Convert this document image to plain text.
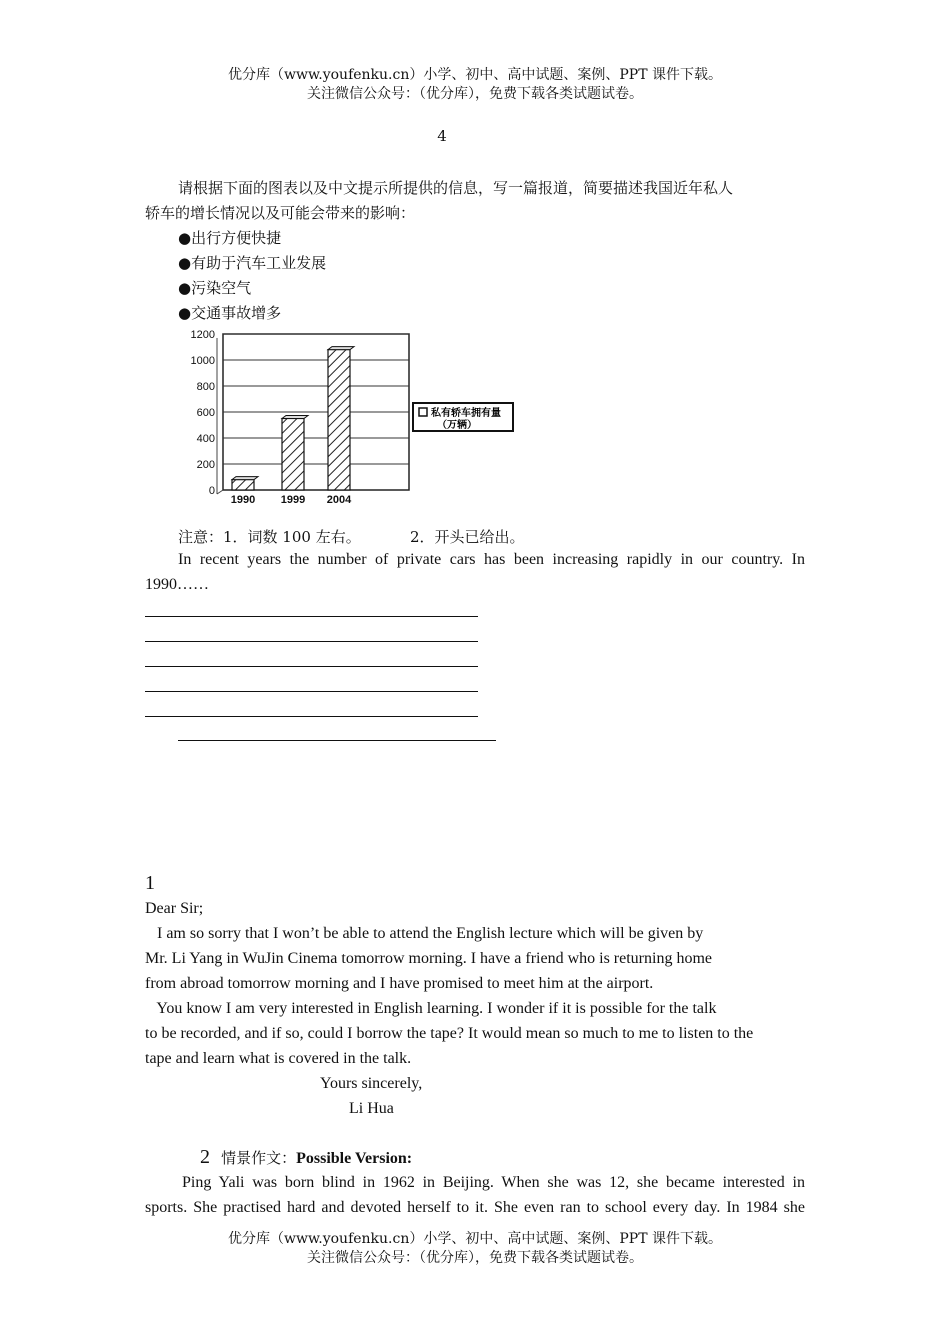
优分库（www.youfenku.cn）小学、初中、高中试题、案例、PPT 课件下载。
关注微信公众号：（优分库），免费下载各类试题试卷。
4
请根据下面的图表以及中文提示所提供的信息，写一篇报道，简要描述我国近年私人
轿车的增长情况以及可能会带来的影响：
●出行方便快捷
●有助于汽车工业发展
●污染空气
●交通事故增多
0
200
400
600
800
1000
1200
1990 1999 2004
私有轿车拥有量
（万辆）
注意：1．词数 100 左右。	2．开头已给出。
In recent years the number of private cars has been increasing rapidly in our country. In
1990……
1
Dear Sir;
I am so sorry that I won’t be able to attend the English lecture which will be given by
Mr. Li Yang in WuJin Cinema tomorrow morning. I have a friend who is returning home
from abroad tomorrow morning and I have promised to meet him at the airport.
You know I am very interested in English learning. I wonder if it is possible for the talk
to be recorded, and if so, could I borrow the tape? It would mean so much to me to listen to the
tape and learn what is covered in the talk.
Yours sincerely,
Li Hua
2 情景作文：Possible Version:
Ping Yali was born blind in 1962 in Beijing. When she was 12, she became interested in
sports. She practised hard and devoted herself to it. She even ran to school every day. In 1984 she
优分库（www.youfenku.cn）小学、初中、高中试题、案例、PPT 课件下载。
关注微信公众号：（优分库），免费下载各类试题试卷。
